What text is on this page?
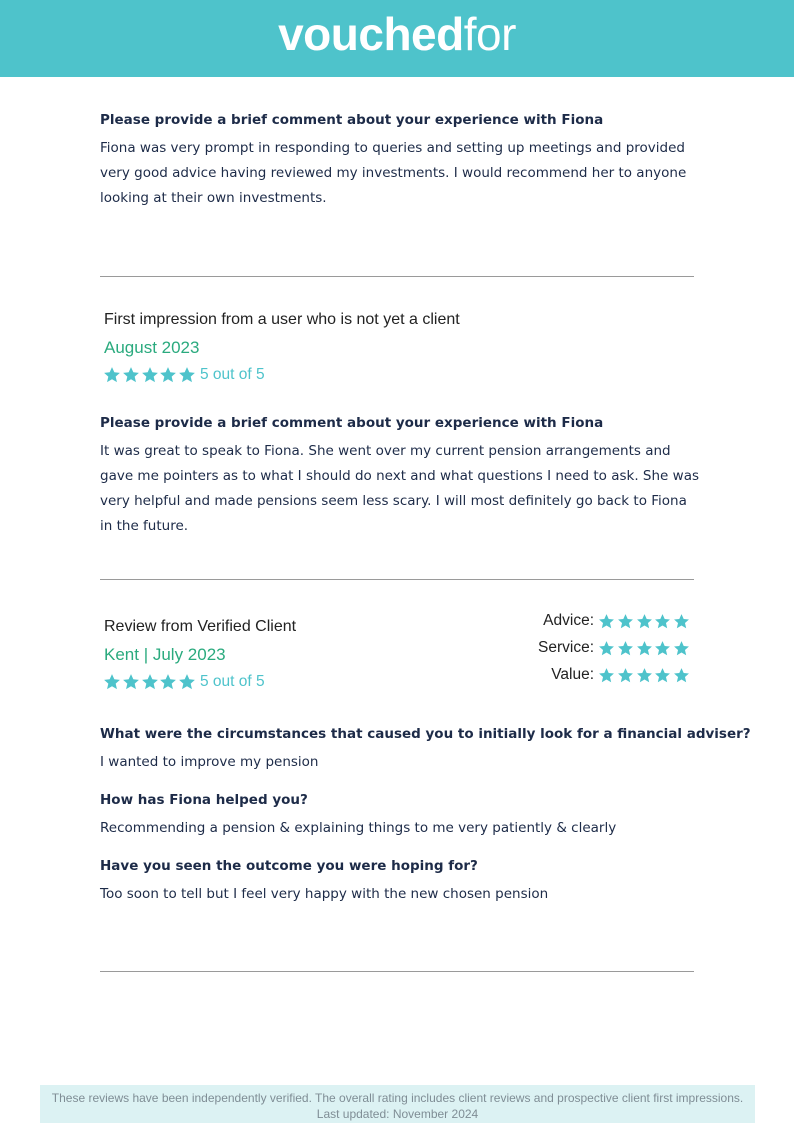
vouchedfor
Please provide a brief comment about your experience with Fiona
Fiona was very prompt in responding to queries and setting up meetings and provided very good advice having reviewed my investments. I would recommend her to anyone looking at their own investments.
First impression from a user who is not yet a client
August 2023
5 out of 5
Please provide a brief comment about your experience with Fiona
It was great to speak to Fiona. She went over my current pension arrangements and gave me pointers as to what I should do next and what questions I need to ask. She was very helpful and made pensions seem less scary. I will most definitely go back to Fiona in the future.
Review from Verified Client
Kent | July 2023
5 out of 5
Advice:
Service:
Value:
What were the circumstances that caused you to initially look for a financial adviser?
I wanted to improve my pension
How has Fiona helped you?
Recommending a pension & explaining things to me very patiently & clearly
Have you seen the outcome you were hoping for?
Too soon to tell but I feel very happy with the new chosen pension
These reviews have been independently verified. The overall rating includes client reviews and prospective client first impressions. Last updated: November 2024
